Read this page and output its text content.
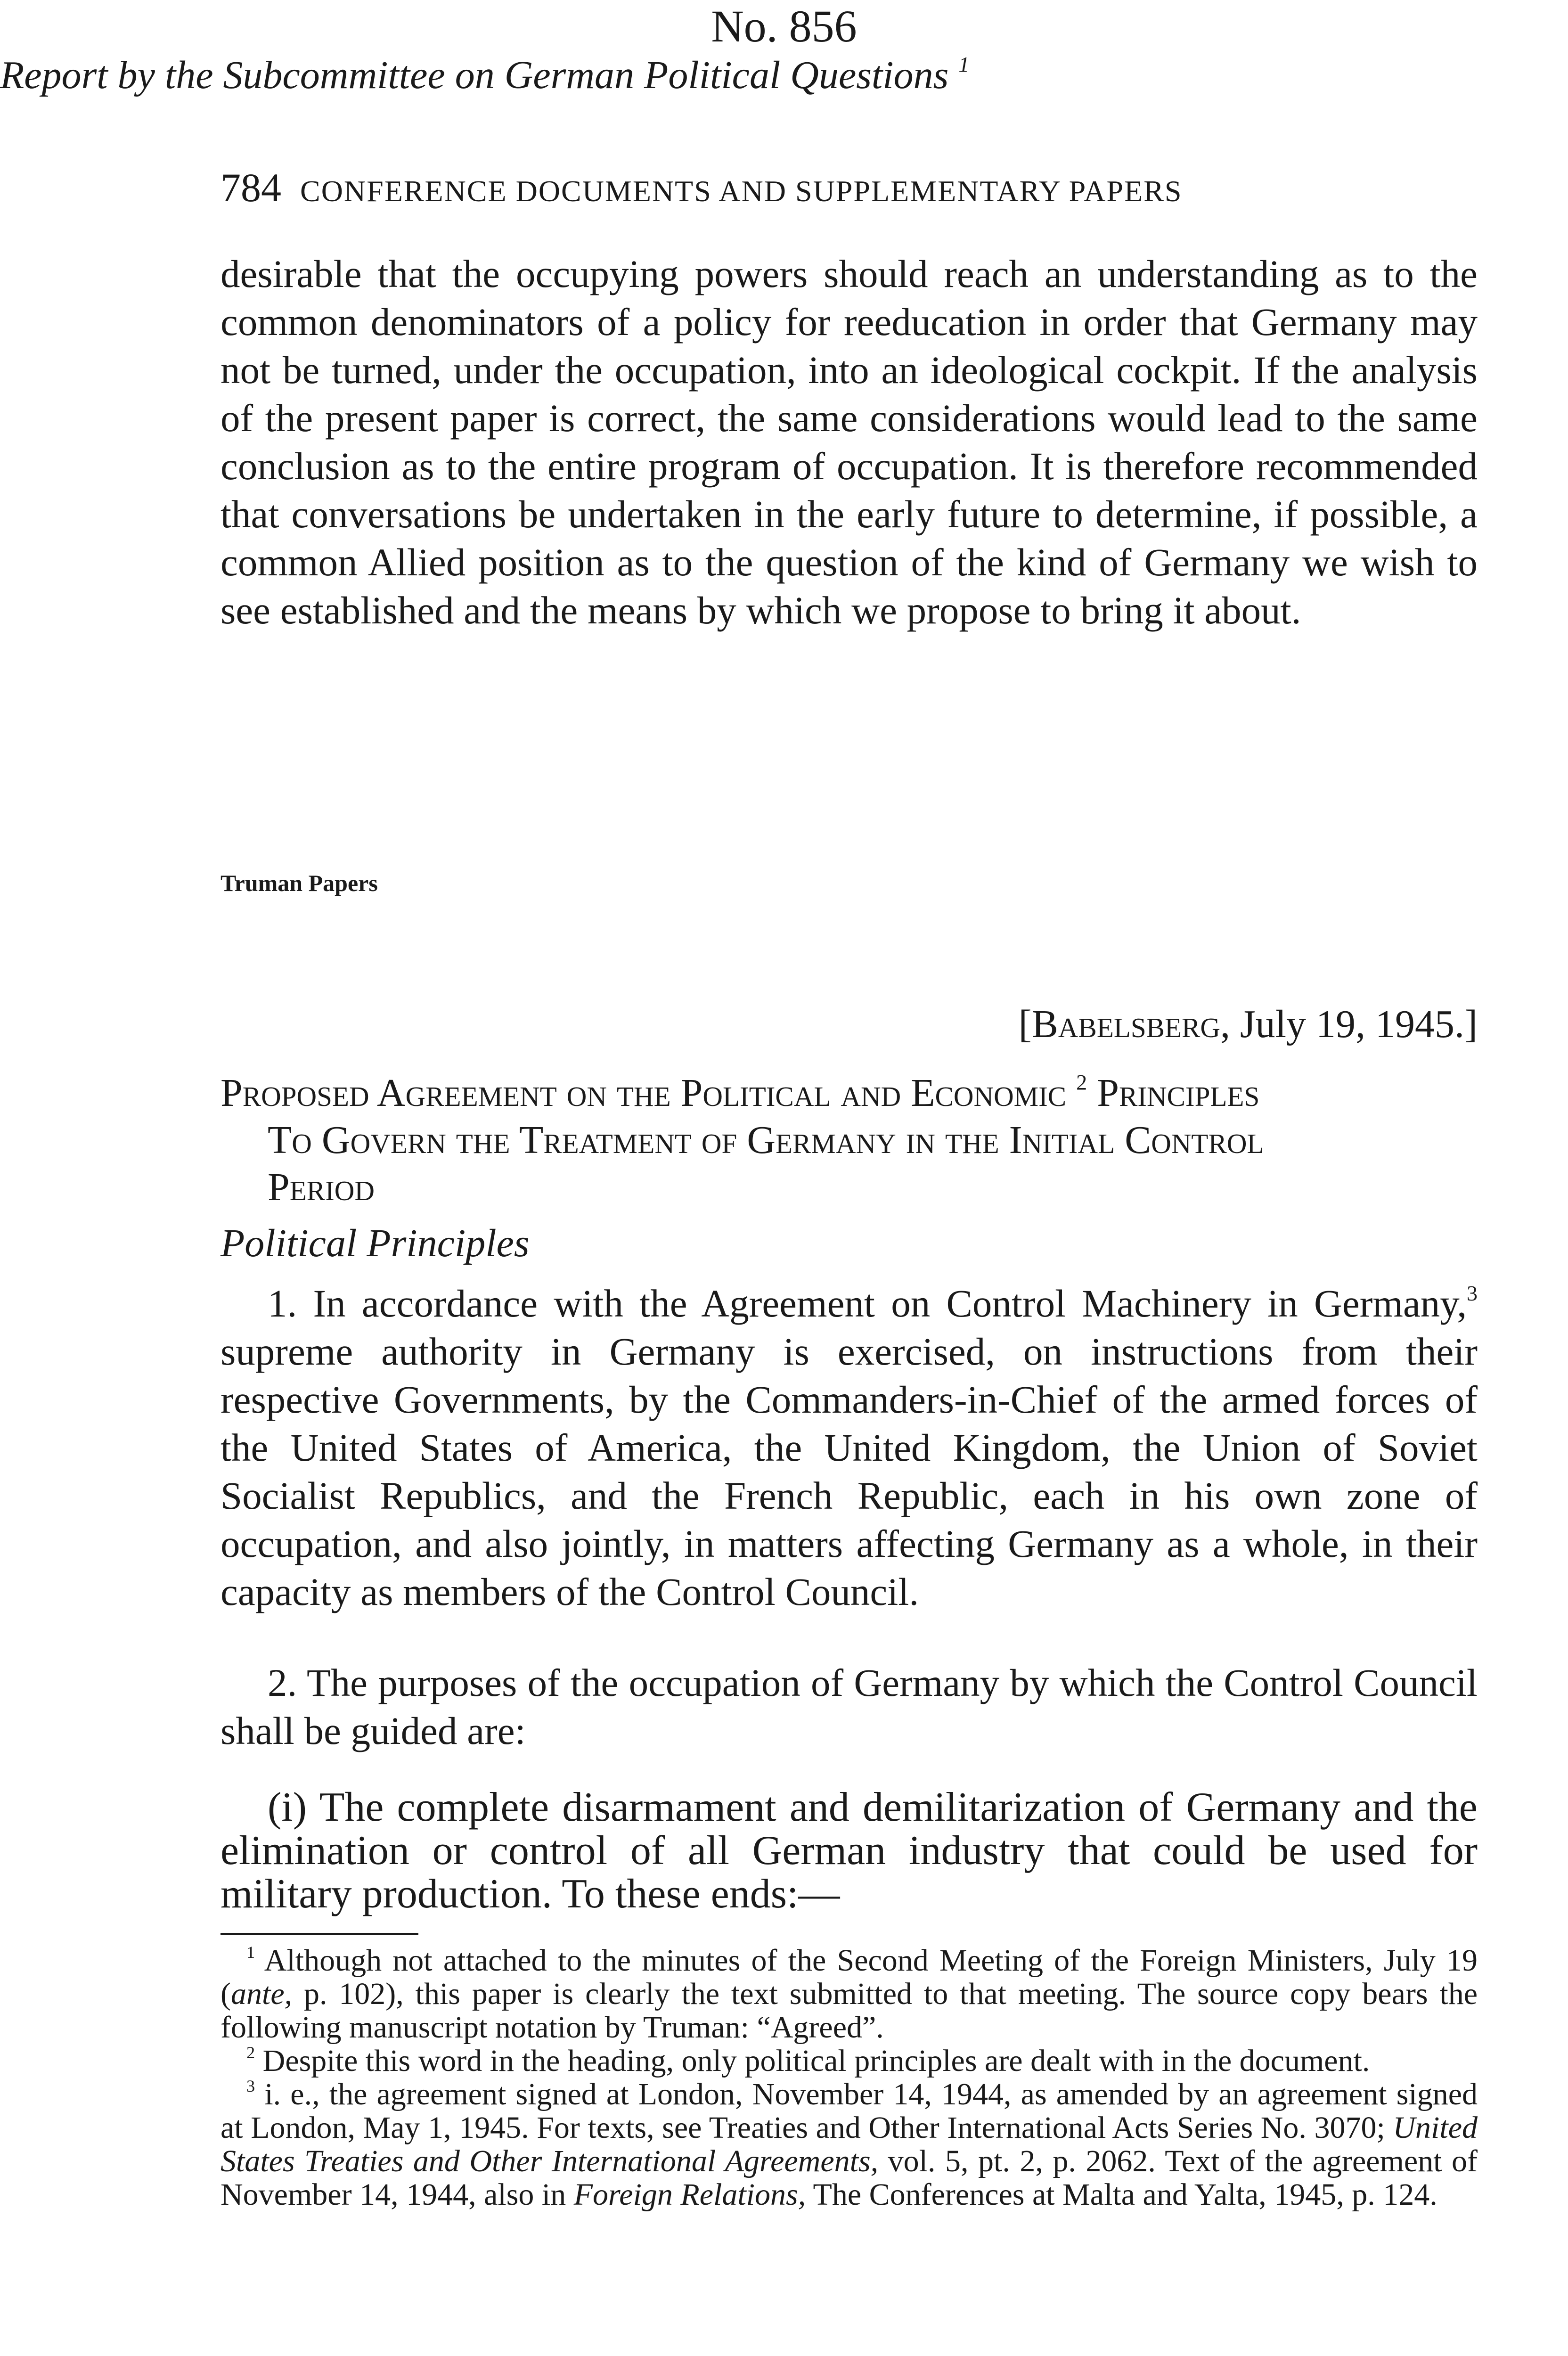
784 CONFERENCE DOCUMENTS AND SUPPLEMENTARY PAPERS

desirable that the occupying powers should reach an understanding as to the common denominators of a policy for reeducation in order that Germany may not be turned, under the occupation, into an ideological cockpit. If the analysis of the present paper is correct, the same considerations would lead to the same conclusion as to the entire program of occupation. It is therefore recommended that conversations be undertaken in the early future to determine, if possible, a common Allied position as to the question of the kind of Germany we wish to see established and the means by which we propose to bring it about.

No. 856
Truman Papers
Report by the Subcommittee on German Political Questions $^1$
[Babelsberg, July 19, 1945.]
Proposed Agreement on the Political and Economic $^2$ Principles
To Govern the Treatment of Germany in the Initial Control
Period
Political Principles

1. In accordance with the Agreement on Control Machinery in Germany,$^3$ supreme authority in Germany is exercised, on instructions from their respective Governments, by the Commanders-in-Chief of the armed forces of the United States of America, the United Kingdom, the Union of Soviet Socialist Republics, and the French Republic, each in his own zone of occupation, and also jointly, in matters affecting Germany as a whole, in their capacity as members of the Control Council.

2. The purposes of the occupation of Germany by which the Control Council shall be guided are:

(i) The complete disarmament and demilitarization of Germany and the elimination or control of all German industry that could be used for military production. To these ends:—

$^1$ Although not attached to the minutes of the Second Meeting of the Foreign Ministers, July 19 (ante, p. 102), this paper is clearly the text submitted to that meeting. The source copy bears the following manuscript notation by Truman: “Agreed”.

$^2$ Despite this word in the heading, only political principles are dealt with in the document.

$^3$ i. e., the agreement signed at London, November 14, 1944, as amended by an agreement signed at London, May 1, 1945. For texts, see Treaties and Other International Acts Series No. 3070; United States Treaties and Other International Agreements, vol. 5, pt. 2, p. 2062. Text of the agreement of November 14, 1944, also in Foreign Relations, The Conferences at Malta and Yalta, 1945, p. 124.
